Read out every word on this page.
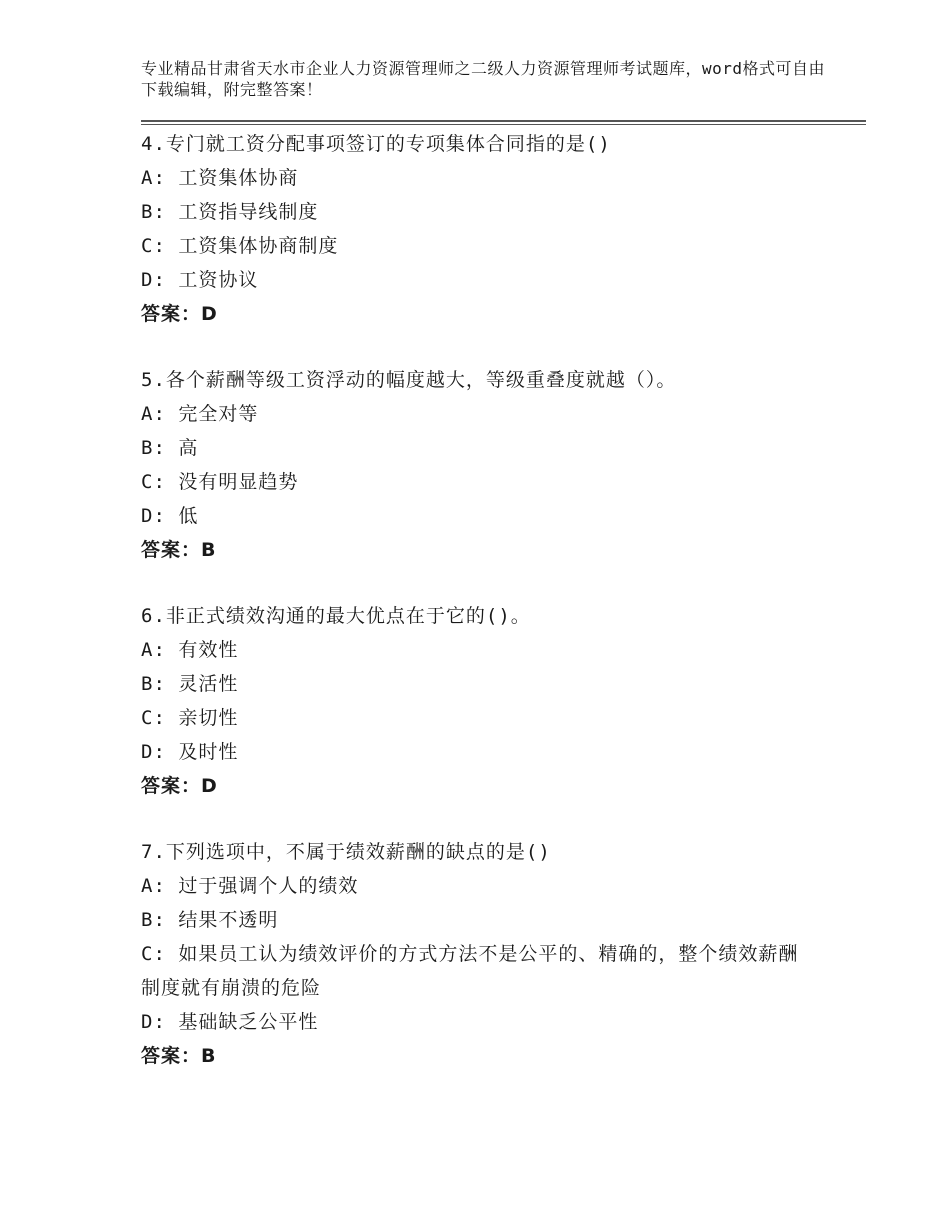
专业精品甘肃省天水市企业人力资源管理师之二级人力资源管理师考试题库，word格式可自由下载编辑，附完整答案！
4.专门就工资分配事项签订的专项集体合同指的是()
A: 工资集体协商
B: 工资指导线制度
C: 工资集体协商制度
D: 工资协议
答案：D
5.各个薪酬等级工资浮动的幅度越大，等级重叠度就越（）。
A: 完全对等
B: 高
C: 没有明显趋势
D: 低
答案：B
6.非正式绩效沟通的最大优点在于它的()。
A: 有效性
B: 灵活性
C: 亲切性
D: 及时性
答案：D
7.下列选项中，不属于绩效薪酬的缺点的是()
A: 过于强调个人的绩效
B: 结果不透明
C: 如果员工认为绩效评价的方式方法不是公平的、精确的，整个绩效薪酬制度就有崩溃的危险
D: 基础缺乏公平性
答案：B
